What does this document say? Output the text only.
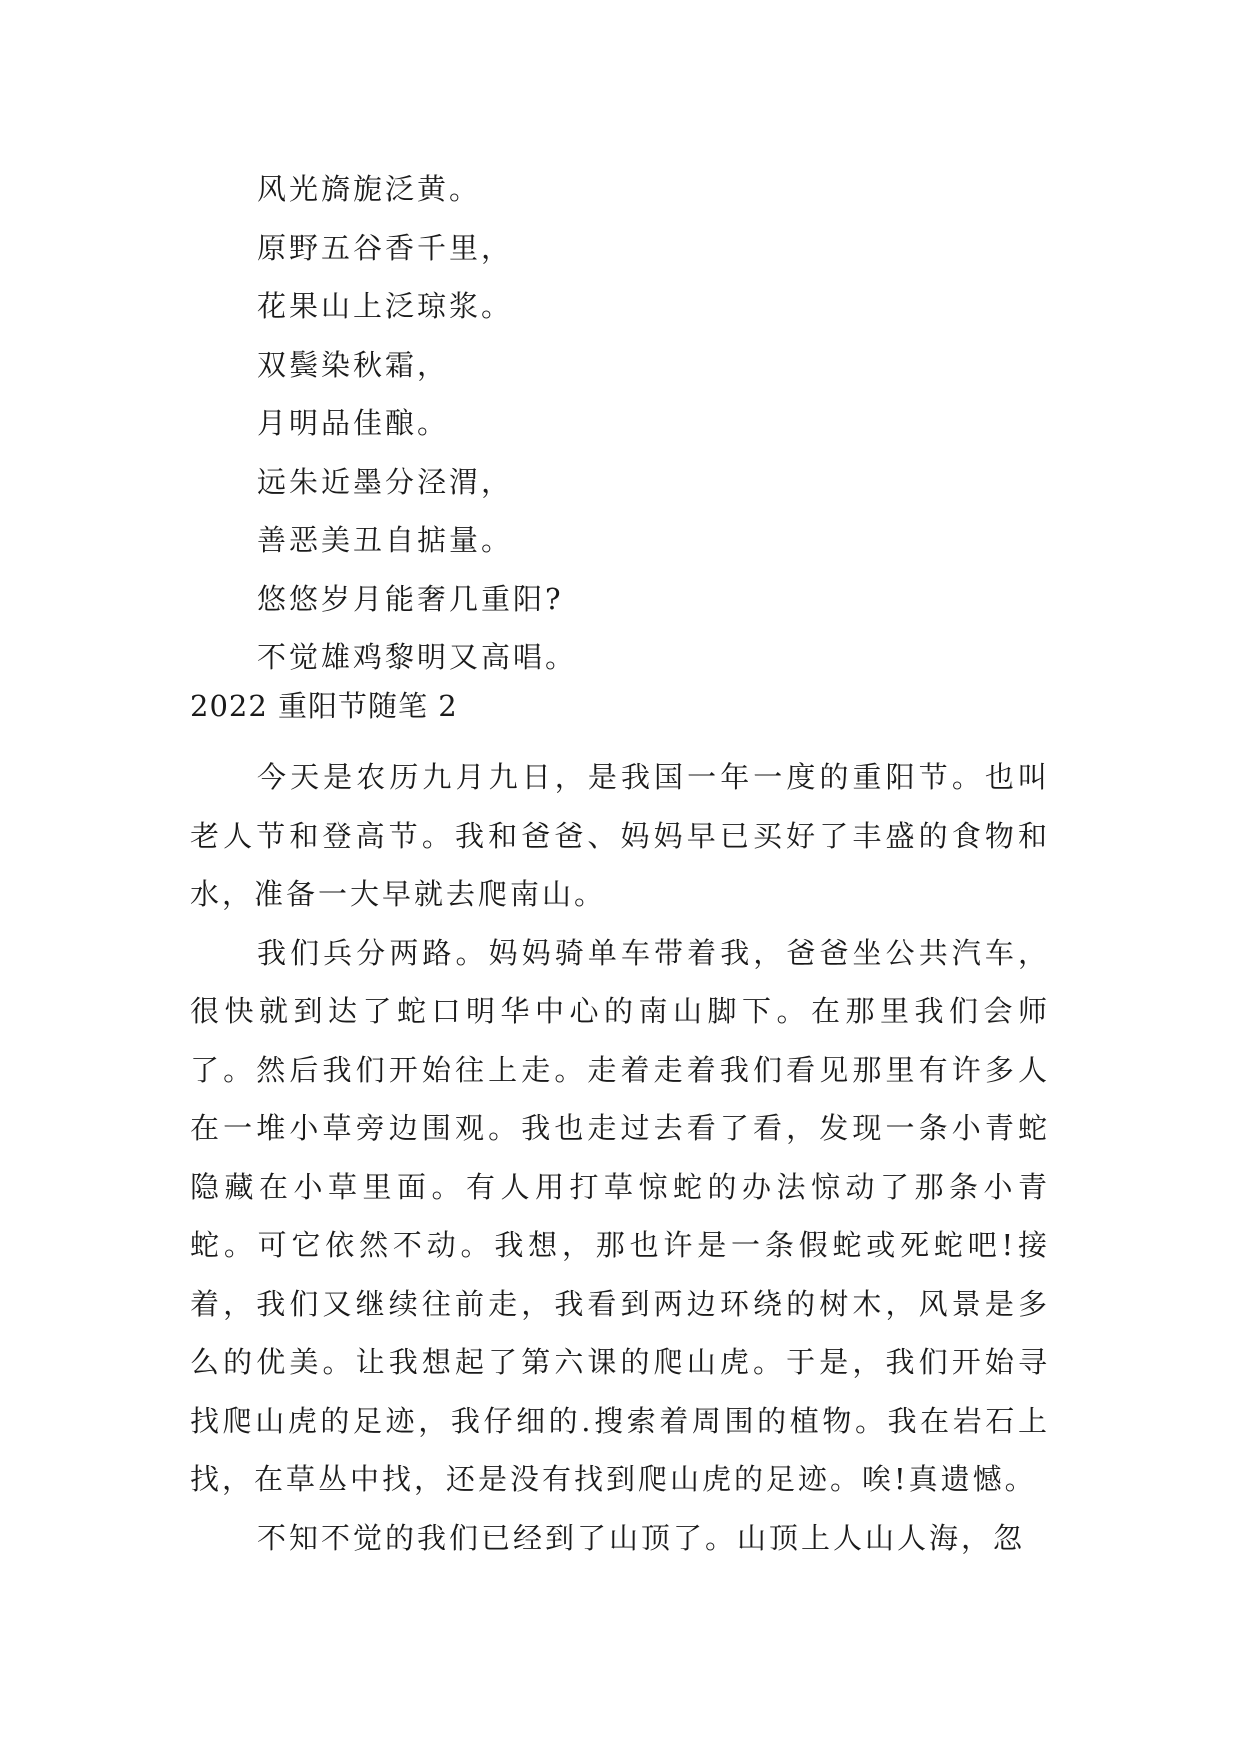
风光旖旎泛黄。
原野五谷香千里，
花果山上泛琼浆。
双鬓染秋霜，
月明品佳酿。
远朱近墨分泾渭，
善恶美丑自掂量。
悠悠岁月能奢几重阳?
不觉雄鸡黎明又高唱。
2022 重阳节随笔 2

今天是农历九月九日，是我国一年一度的重阳节。也叫老人节和登高节。我和爸爸、妈妈早已买好了丰盛的食物和水，准备一大早就去爬南山。

我们兵分两路。妈妈骑单车带着我，爸爸坐公共汽车，很快就到达了蛇口明华中心的南山脚下。在那里我们会师了。然后我们开始往上走。走着走着我们看见那里有许多人在一堆小草旁边围观。我也走过去看了看，发现一条小青蛇隐藏在小草里面。有人用打草惊蛇的办法惊动了那条小青蛇。可它依然不动。我想，那也许是一条假蛇或死蛇吧!接着，我们又继续往前走，我看到两边环绕的树木，风景是多么的优美。让我想起了第六课的爬山虎。于是，我们开始寻找爬山虎的足迹，我仔细的.搜索着周围的植物。我在岩石上找，在草丛中找，还是没有找到爬山虎的足迹。唉!真遗憾。

不知不觉的我们已经到了山顶了。山顶上人山人海，忽
